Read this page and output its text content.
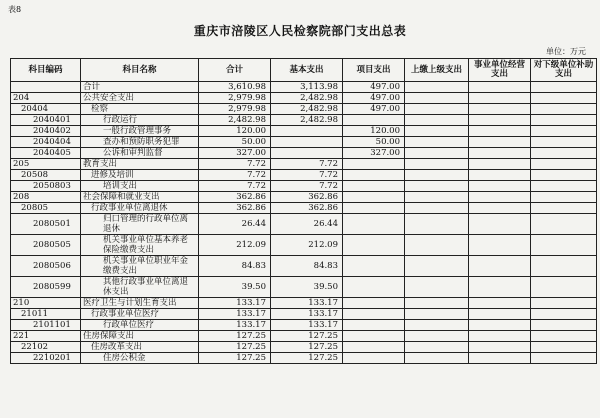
表8
重庆市涪陵区人民检察院部门支出总表
单位：万元
科目编码	科目名称	合计	基本支出	项目支出	上缴上级支出	事业单位经营支出	对下级单位补助支出
	合计	3,610.98	3,113.98	497.00			
204	公共安全支出	2,979.98	2,482.98	497.00			
20404	检察	2,979.98	2,482.98	497.00			
2040401	行政运行	2,482.98	2,482.98				
2040402	一般行政管理事务	120.00		120.00			
2040404	查办和预防职务犯罪	50.00		50.00			
2040405	公诉和审判监督	327.00		327.00			
205	教育支出	7.72	7.72				
20508	进修及培训	7.72	7.72				
2050803	培训支出	7.72	7.72				
208	社会保障和就业支出	362.86	362.86				
20805	行政事业单位离退休	362.86	362.86				
2080501	归口管理的行政单位离退休	26.44	26.44				
2080505	机关事业单位基本养老保险缴费支出	212.09	212.09				
2080506	机关事业单位职业年金缴费支出	84.83	84.83				
2080599	其他行政事业单位离退休支出	39.50	39.50				
210	医疗卫生与计划生育支出	133.17	133.17				
21011	行政事业单位医疗	133.17	133.17				
2101101	行政单位医疗	133.17	133.17				
221	住房保障支出	127.25	127.25				
22102	住房改革支出	127.25	127.25				
2210201	住房公积金	127.25	127.25				
